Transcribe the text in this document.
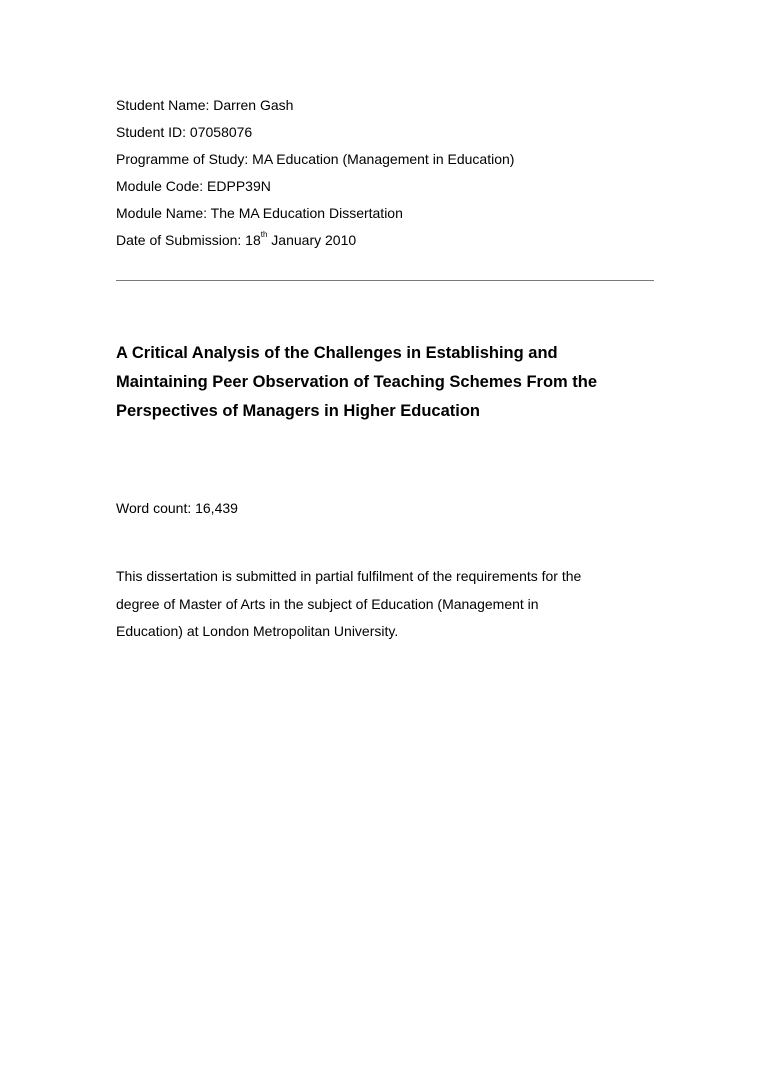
Student Name: Darren Gash
Student ID: 07058076
Programme of Study: MA Education (Management in Education)
Module Code: EDPP39N
Module Name: The MA Education Dissertation
Date of Submission: 18th January 2010
A Critical Analysis of the Challenges in Establishing and
Maintaining Peer Observation of Teaching Schemes From the
Perspectives of Managers in Higher Education
Word count: 16,439
This dissertation is submitted in partial fulfilment of the requirements for the
degree of Master of Arts in the subject of Education (Management in
Education) at London Metropolitan University.
